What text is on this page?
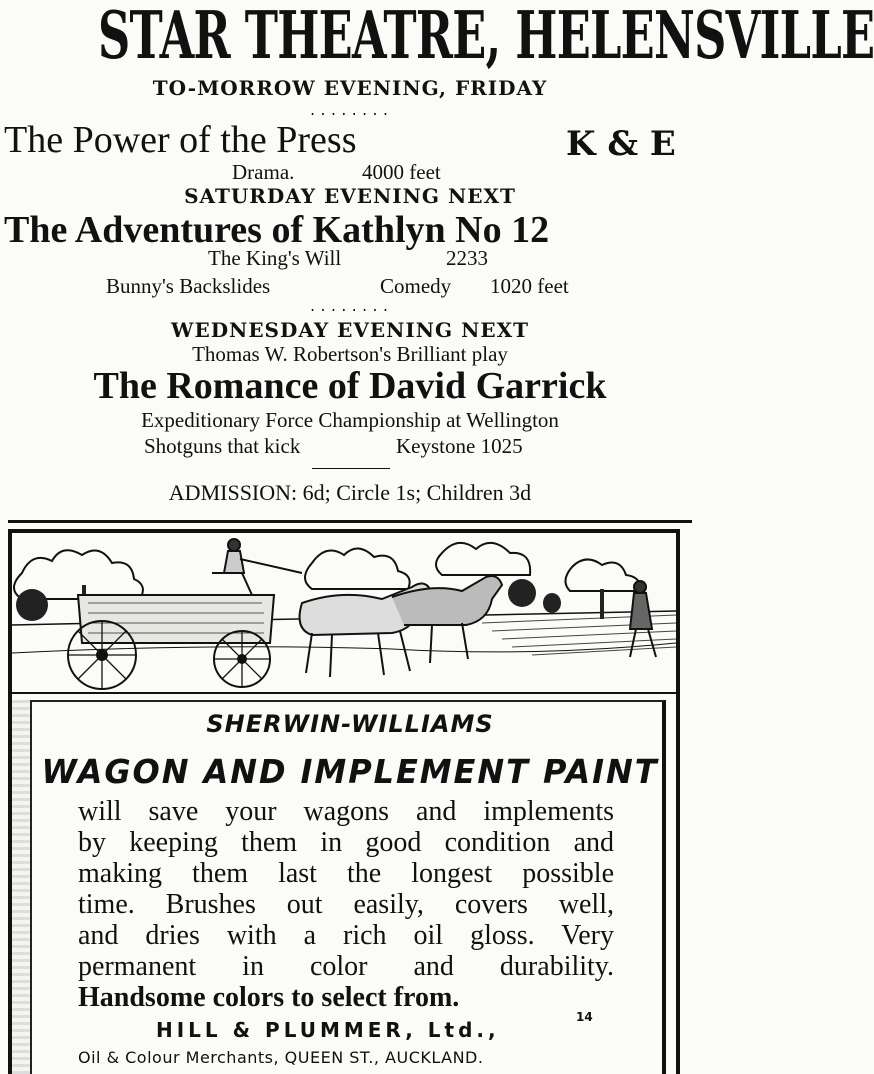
STAR THEATRE, HELENSVILLE
TO-MORROW EVENING, FRIDAY
........
The Power of the Press	K & E
Drama.	4000 feet
SATURDAY EVENING NEXT
The Adventures of Kathlyn No 12
The King's Will	2233
Bunny's Backslides	Comedy 1020 feet
........
WEDNESDAY EVENING NEXT
Thomas W. Robertson's Brilliant play
The Romance of David Garrick
Expeditionary Force Championship at Wellington
Shotguns that kick	Keystone 1025
ADMISSION: 6d; Circle 1s; Children 3d
SHERWIN-WILLIAMS
WAGON AND IMPLEMENT PAINT
will save your wagons and implements
by keeping them in good condition and
making them last the longest possible
time. Brushes out easily, covers well,
and dries with a rich oil gloss. Very
permanent in color and durability.
Handsome colors to select from.
HILL & PLUMMER, Ltd.,
14
Oil & Colour Merchants, QUEEN ST., AUCKLAND.
